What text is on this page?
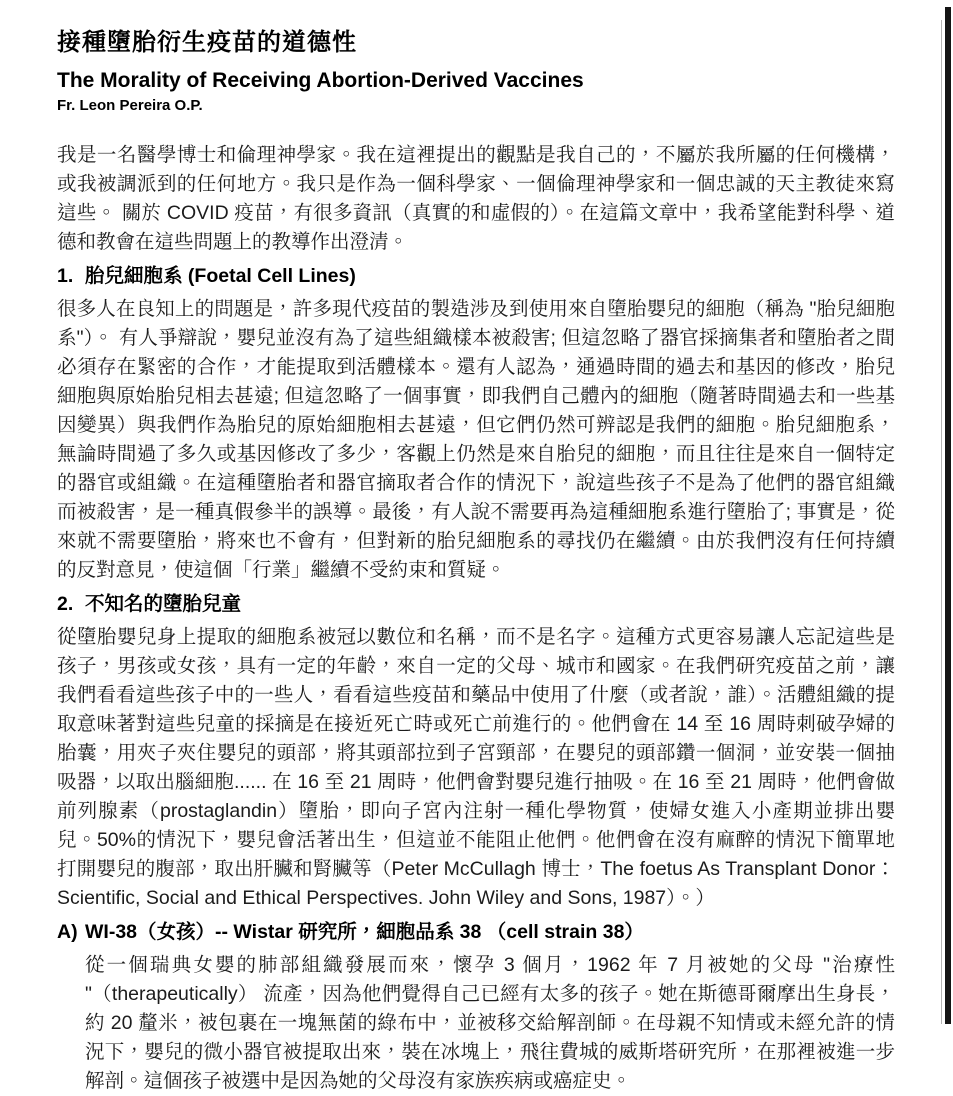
接種墮胎衍生疫苗的道德性
The Morality of Receiving Abortion-Derived Vaccines
Fr. Leon Pereira O.P.

我是一名醫學博士和倫理神學家。我在這裡提出的觀點是我自己的，不屬於我所屬的任何機構，或我被調派到的任何地方。我只是作為一個科學家、一個倫理神學家和一個忠誠的天主教徒來寫這些。 關於 COVID 疫苗，有很多資訊（真實的和虛假的）。在這篇文章中，我希望能對科學、道德和教會在這些問題上的教導作出澄清。

1. 胎兒細胞系 (Foetal Cell Lines)

很多人在良知上的問題是，許多現代疫苗的製造涉及到使用來自墮胎嬰兒的細胞（稱為 "胎兒細胞系"）。 有人爭辯說，嬰兒並沒有為了這些組織樣本被殺害; 但這忽略了器官採摘集者和墮胎者之間必須存在緊密的合作，才能提取到活體樣本。還有人認為，通過時間的過去和基因的修改，胎兒細胞與原始胎兒相去甚遠; 但這忽略了一個事實，即我們自己體內的細胞（隨著時間過去和一些基因變異）與我們作為胎兒的原始細胞相去甚遠，但它們仍然可辨認是我們的細胞。胎兒細胞系，無論時間過了多久或基因修改了多少，客觀上仍然是來自胎兒的細胞，而且往往是來自一個特定的器官或組織。在這種墮胎者和器官摘取者合作的情況下，說這些孩子不是為了他們的器官組織而被殺害，是一種真假參半的誤導。最後，有人說不需要再為這種細胞系進行墮胎了; 事實是，從來就不需要墮胎，將來也不會有，但對新的胎兒細胞系的尋找仍在繼續。由於我們沒有任何持續的反對意見，使這個「行業」繼續不受約束和質疑。

2. 不知名的墮胎兒童

從墮胎嬰兒身上提取的細胞系被冠以數位和名稱，而不是名字。這種方式更容易讓人忘記這些是孩子，男孩或女孩，具有一定的年齡，來自一定的父母、城市和國家。在我們研究疫苗之前，讓我們看看這些孩子中的一些人，看看這些疫苗和藥品中使用了什麼（或者說，誰）。活體組織的提取意味著對這些兒童的採摘是在接近死亡時或死亡前進行的。他們會在 14 至 16 周時刺破孕婦的胎囊，用夾子夾住嬰兒的頭部，將其頭部拉到子宮頸部，在嬰兒的頭部鑽一個洞，並安裝一個抽吸器，以取出腦細胞...... 在 16 至 21 周時，他們會對嬰兒進行抽吸。在 16 至 21 周時，他們會做前列腺素（prostaglandin）墮胎，即向子宮內注射一種化學物質，使婦女進入小產期並排出嬰兒。50%的情況下，嬰兒會活著出生，但這並不能阻止他們。他們會在沒有麻醉的情況下簡單地打開嬰兒的腹部，取出肝臟和腎臟等（Peter McCullagh 博士，The foetus As Transplant Donor：Scientific, Social and Ethical Perspectives. John Wiley and Sons, 1987）。）

A) WI-38（女孩）-- Wistar 研究所，細胞品系 38 （cell strain 38）

從一個瑞典女嬰的肺部組織發展而來，懷孕 3 個月，1962 年 7 月被她的父母 "治療性 "（therapeutically） 流產，因為他們覺得自己已經有太多的孩子。她在斯德哥爾摩出生身長，約 20 釐米，被包裹在一塊無菌的綠布中，並被移交給解剖師。在母親不知情或未經允許的情況下，嬰兒的微小器官被提取出來，裝在冰塊上，飛往費城的威斯塔研究所，在那裡被進一步解剖。這個孩子被選中是因為她的父母沒有家族疾病或癌症史。
